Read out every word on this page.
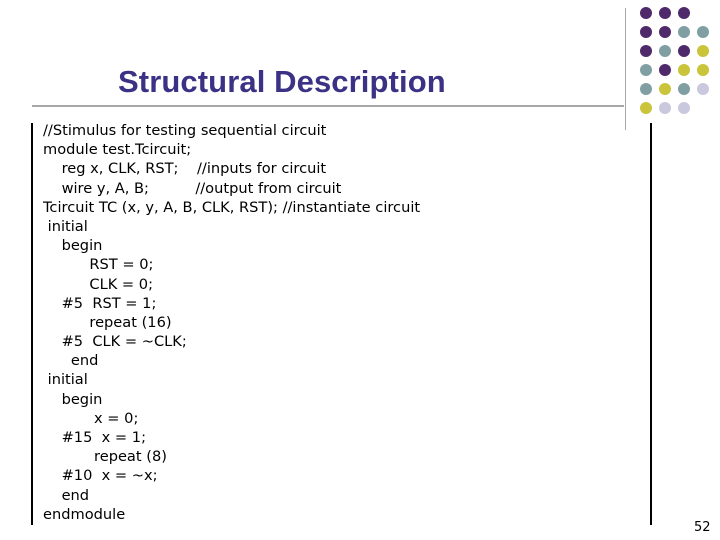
Structural Description
//Stimulus for testing sequential circuit
module test.Tcircuit;
reg x, CLK, RST;    //inputs for circuit
wire y, A, B;          //output from circuit
Tcircuit TC (x, y, A, B, CLK, RST); //instantiate circuit
initial
begin
RST = 0;
CLK = 0;
#5  RST = 1;
repeat (16)
#5  CLK = ~CLK;
end
initial
begin
x = 0;
#15  x = 1;
repeat (8)
#10  x = ~x;
end
endmodule
52
